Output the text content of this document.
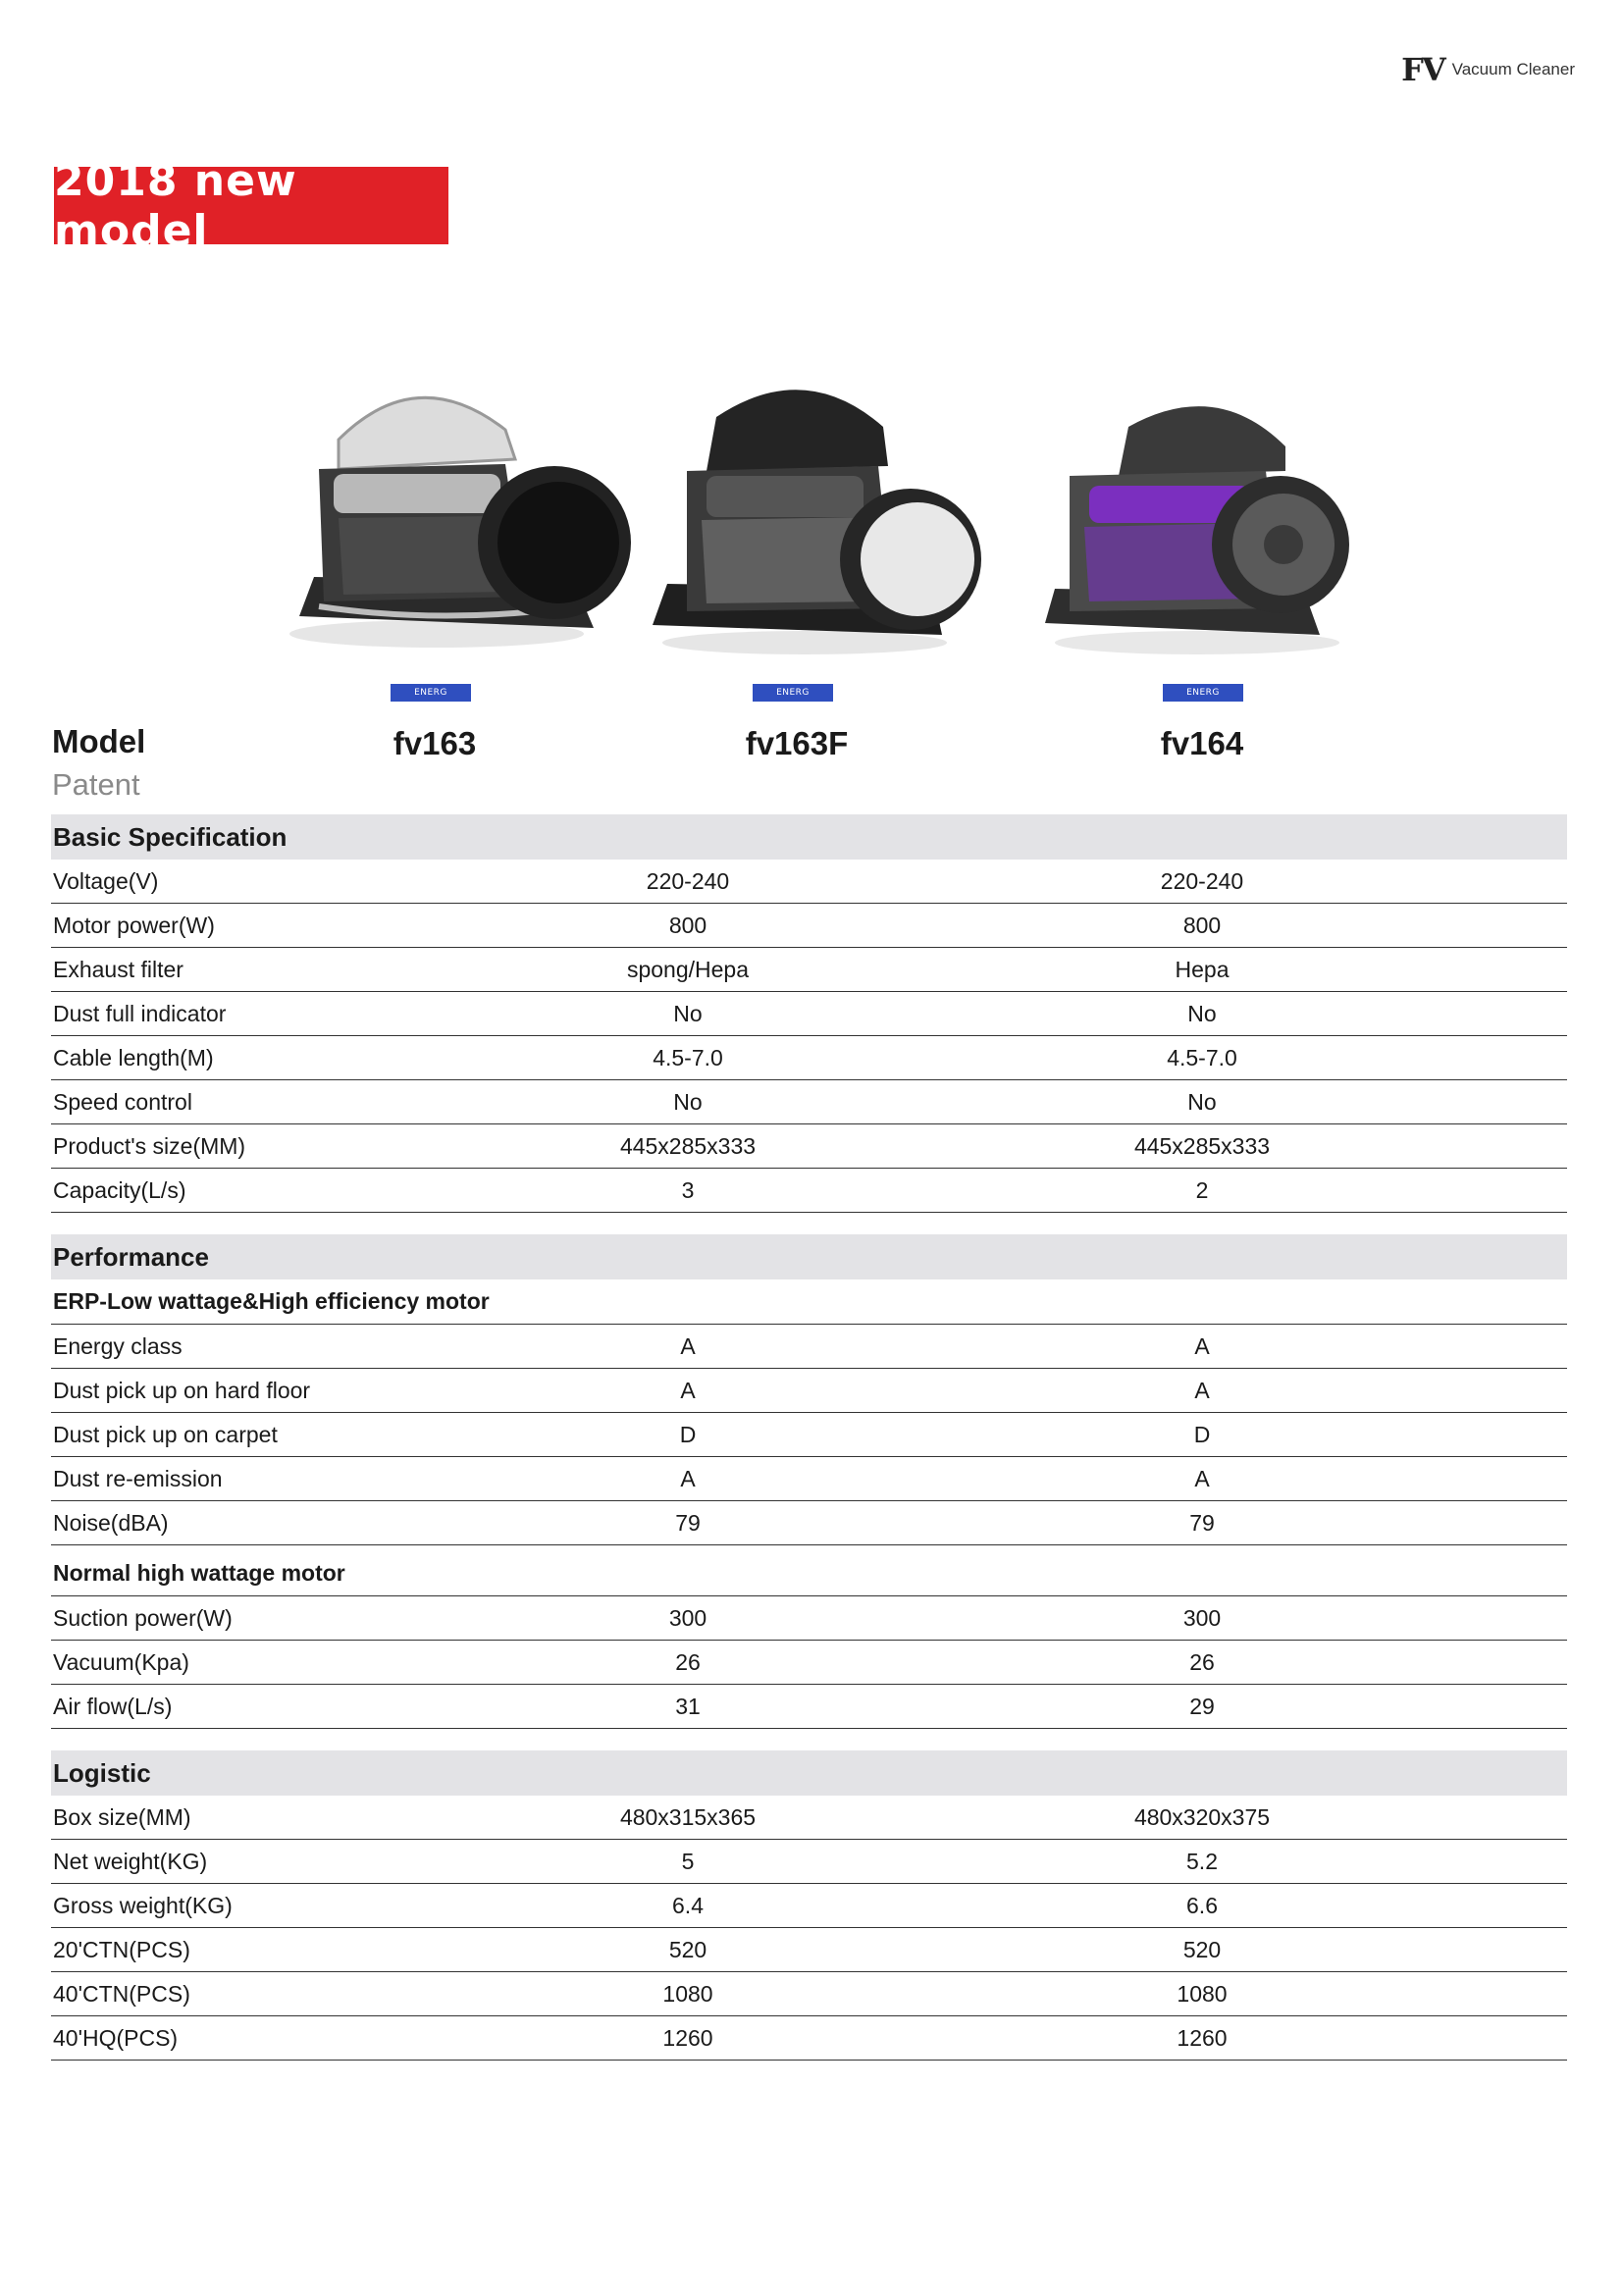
FV Vacuum Cleaner
2018 new model
ENERG	ENERG	ENERG
Model
Patent
fv163	fv163F	fv164
Basic Specification
Voltage(V)	220-240	220-240
Motor power(W)	800	800
Exhaust filter	spong/Hepa	Hepa
Dust full indicator	No	No
Cable length(M)	4.5-7.0	4.5-7.0
Speed control	No	No
Product's size(MM)	445x285x333	445x285x333
Capacity(L/s)	3	2
Performance
ERP-Low wattage&High efficiency motor
Energy class	A	A
Dust pick up on hard floor	A	A
Dust pick up on carpet	D	D
Dust re-emission	A	A
Noise(dBA)	79	79
Normal high wattage motor
Suction power(W)	300	300
Vacuum(Kpa)	26	26
Air flow(L/s)	31	29
Logistic
Box size(MM)	480x315x365	480x320x375
Net weight(KG)	5	5.2
Gross weight(KG)	6.4	6.6
20'CTN(PCS)	520	520
40'CTN(PCS)	1080	1080
40'HQ(PCS)	1260	1260
